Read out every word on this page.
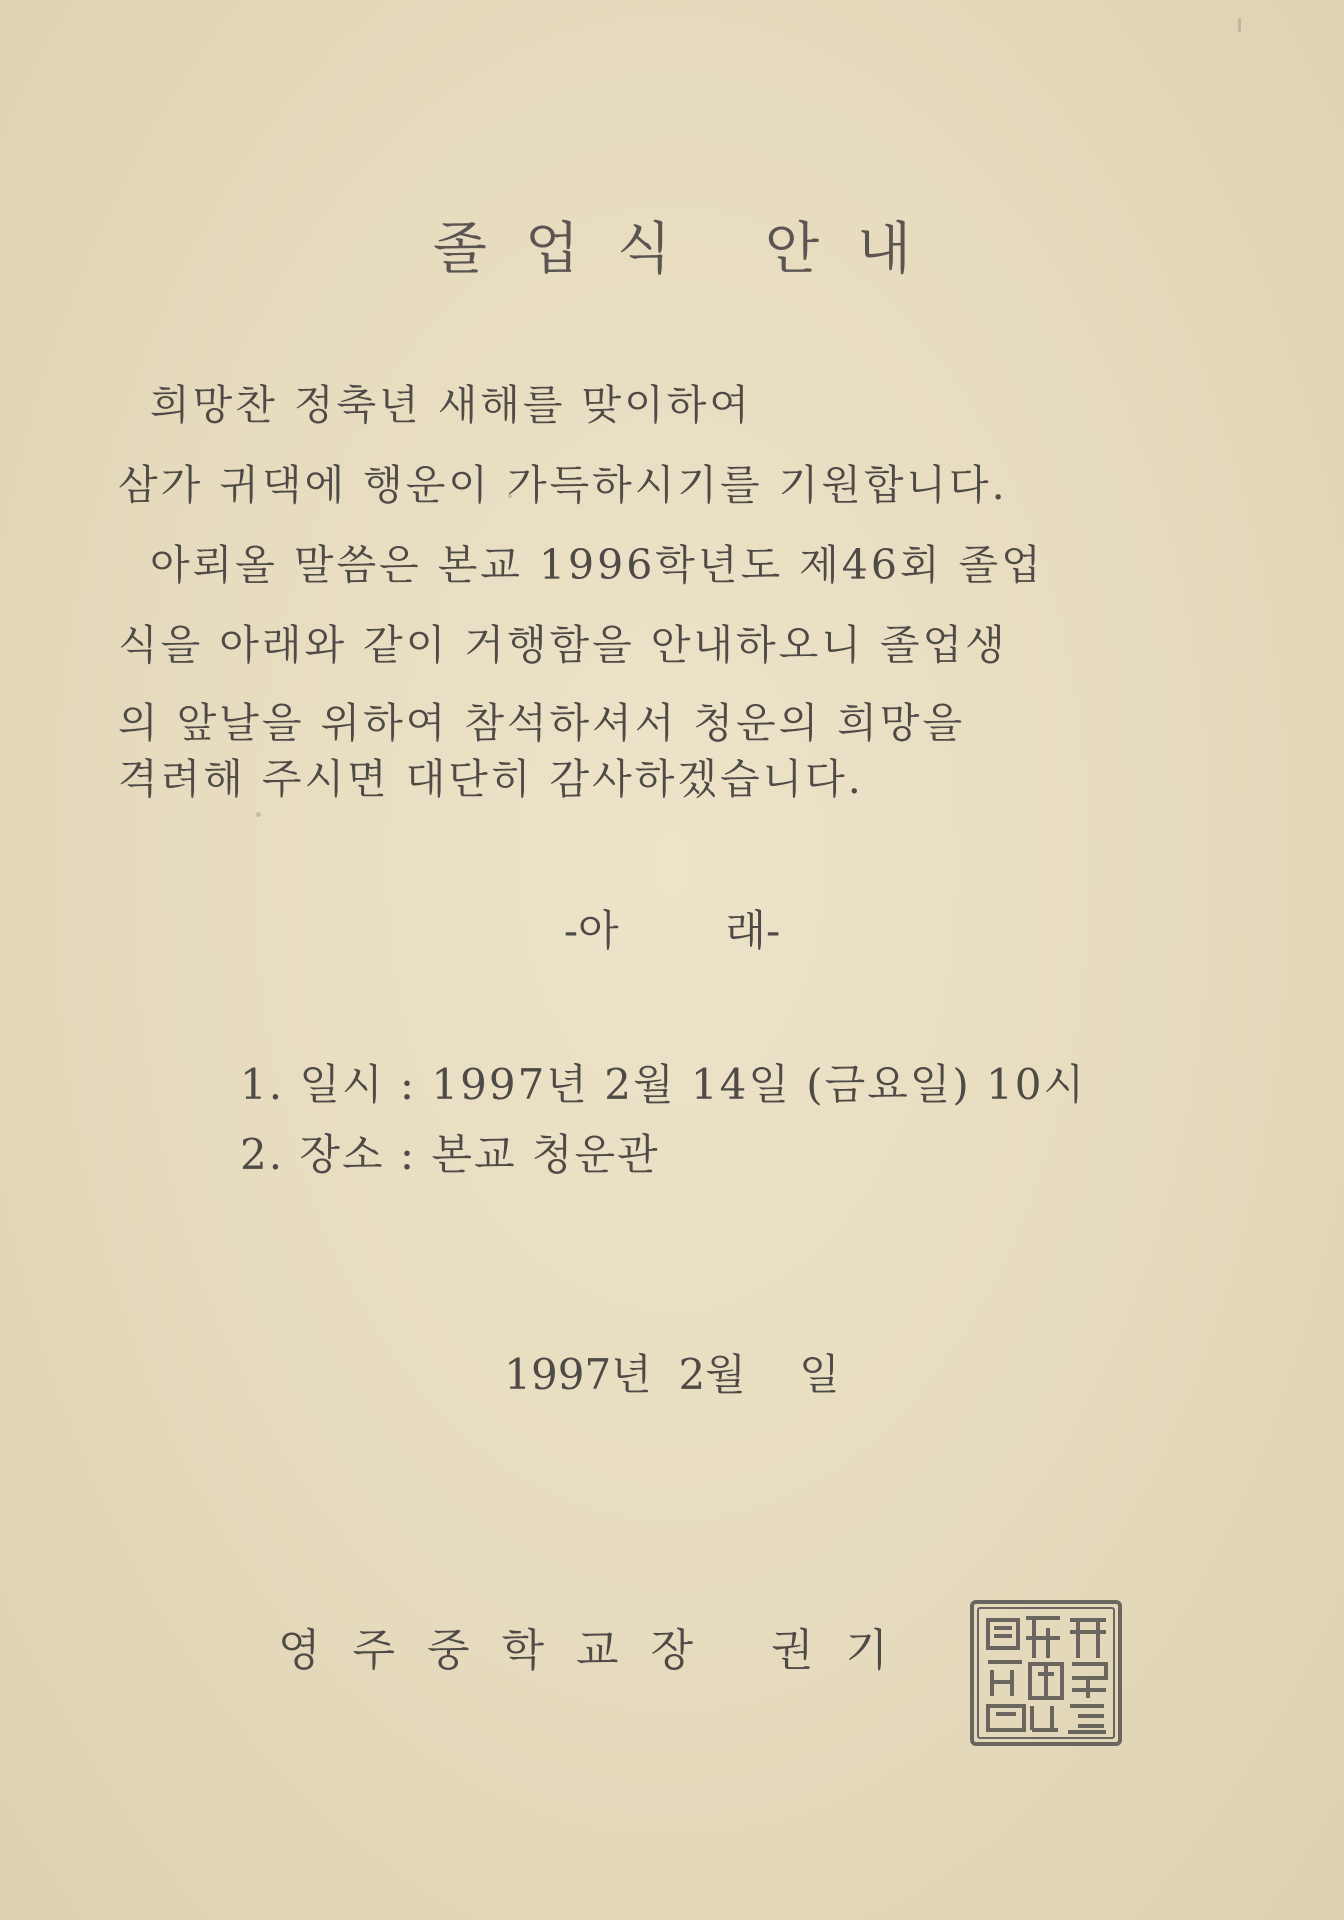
졸업식 안내
희망찬 정축년 새해를 맞이하여
삼가 귀댁에 행운이 가득하시기를 기원합니다.
아뢰올 말씀은 본교 1996학년도 제46회 졸업
식을 아래와 같이 거행함을 안내하오니 졸업생
의 앞날을 위하여 참석하셔서 청운의 희망을
격려해 주시면 대단히 감사하겠습니다.
-아        래-
1. 일시 : 1997년 2월 14일 (금요일) 10시
2. 장소 : 본교 청운관
1997년  2월    일
영주중학교장 권기
